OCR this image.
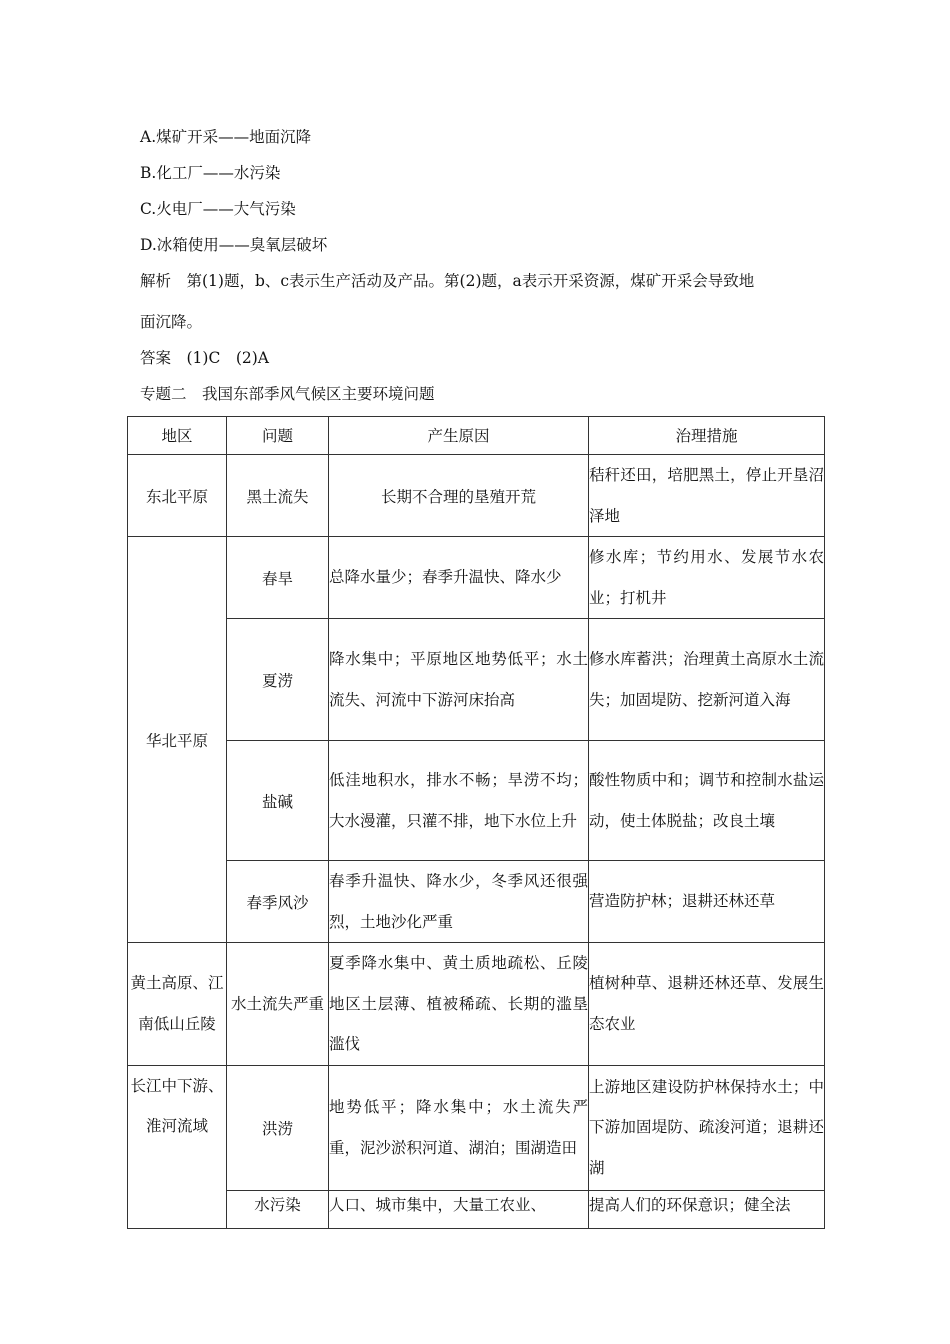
A.煤矿开采——地面沉降
B.化工厂——水污染
C.火电厂——大气污染
D.冰箱使用——臭氧层破坏
解析　第(1)题，b、c表示生产活动及产品。第(2)题，a表示开采资源，煤矿开采会导致地
面沉降。
答案　(1)C　(2)A
专题二　我国东部季风气候区主要环境问题
地区	问题	产生原因	治理措施
东北平原	黑土流失	长期不合理的垦殖开荒	秸秆还田，培肥黑土，停止开垦沼泽地
华北平原	春旱	总降水量少；春季升温快、降水少	修水库；节约用水、发展节水农业；打机井
	夏涝	降水集中；平原地区地势低平；水土流失、河流中下游河床抬高	修水库蓄洪；治理黄土高原水土流失；加固堤防、挖新河道入海
	盐碱	低洼地积水，排水不畅；旱涝不均；大水漫灌，只灌不排，地下水位上升	酸性物质中和；调节和控制水盐运动，使土体脱盐；改良土壤
	春季风沙	春季升温快、降水少，冬季风还很强烈，土地沙化严重	营造防护林；退耕还林还草
黄土高原、江南低山丘陵	水土流失严重	夏季降水集中、黄土质地疏松、丘陵地区土层薄、植被稀疏、长期的滥垦滥伐	植树种草、退耕还林还草、发展生态农业
长江中下游、淮河流域	洪涝	地势低平；降水集中；水土流失严重，泥沙淤积河道、湖泊；围湖造田	上游地区建设防护林保持水土；中下游加固堤防、疏浚河道；退耕还湖
	水污染	人口、城市集中，大量工农业、	提高人们的环保意识；健全法
